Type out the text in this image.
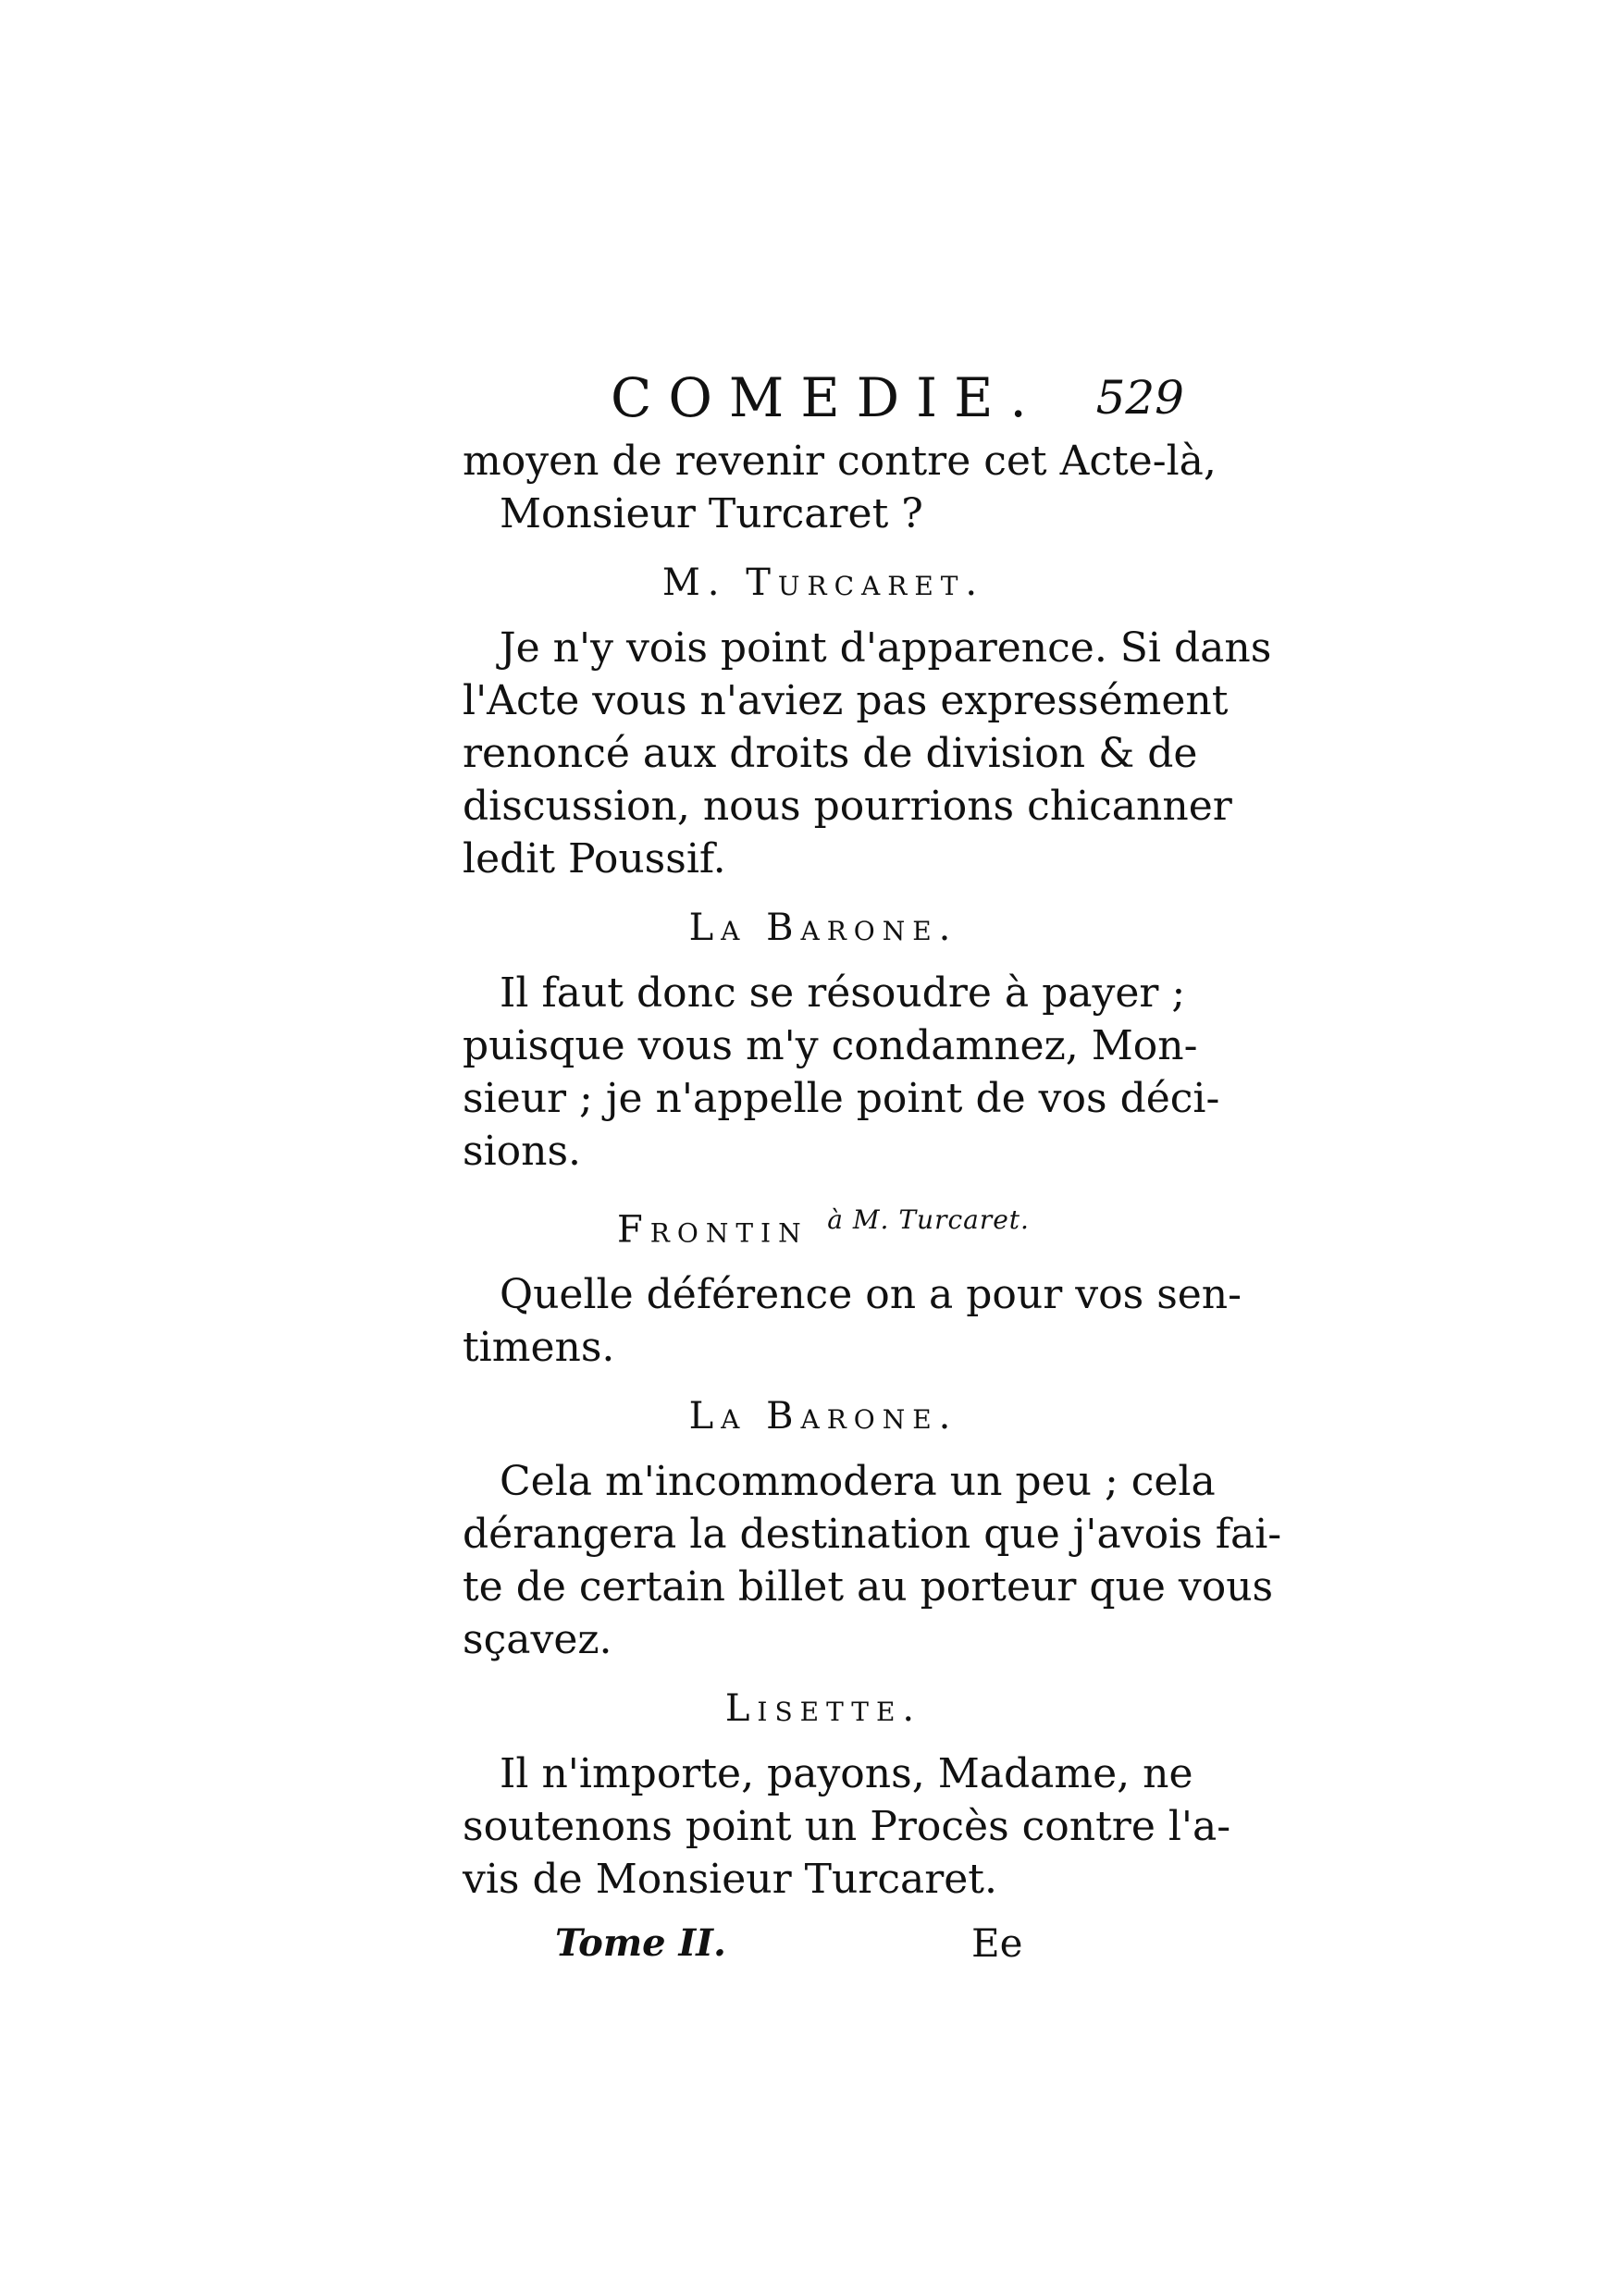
COMEDIE. 529

moyen de revenir contre cet Acte-là,
Monsieur Turcaret ?

M. Turcaret.

Je n'y vois point d'apparence. Si dans
l'Acte vous n'aviez pas expressément
renoncé aux droits de division & de
discussion, nous pourrions chicanner
ledit Poussif.

La Barone.

Il faut donc se résoudre à payer ;
puisque vous m'y condamnez, Mon-
sieur ; je n'appelle point de vos déci-
sions.

Frontin $^{à M. Turcaret.}$

Quelle déférence on a pour vos sen-
timens.

La Barone.

Cela m'incommodera un peu ; cela
dérangera la destination que j'avois fai-
te de certain billet au porteur que vous
sçavez.

Lisette.

Il n'importe, payons, Madame, ne
soutenons point un Procès contre l'a-
vis de Monsieur Turcaret.

Tome II.	Ee
